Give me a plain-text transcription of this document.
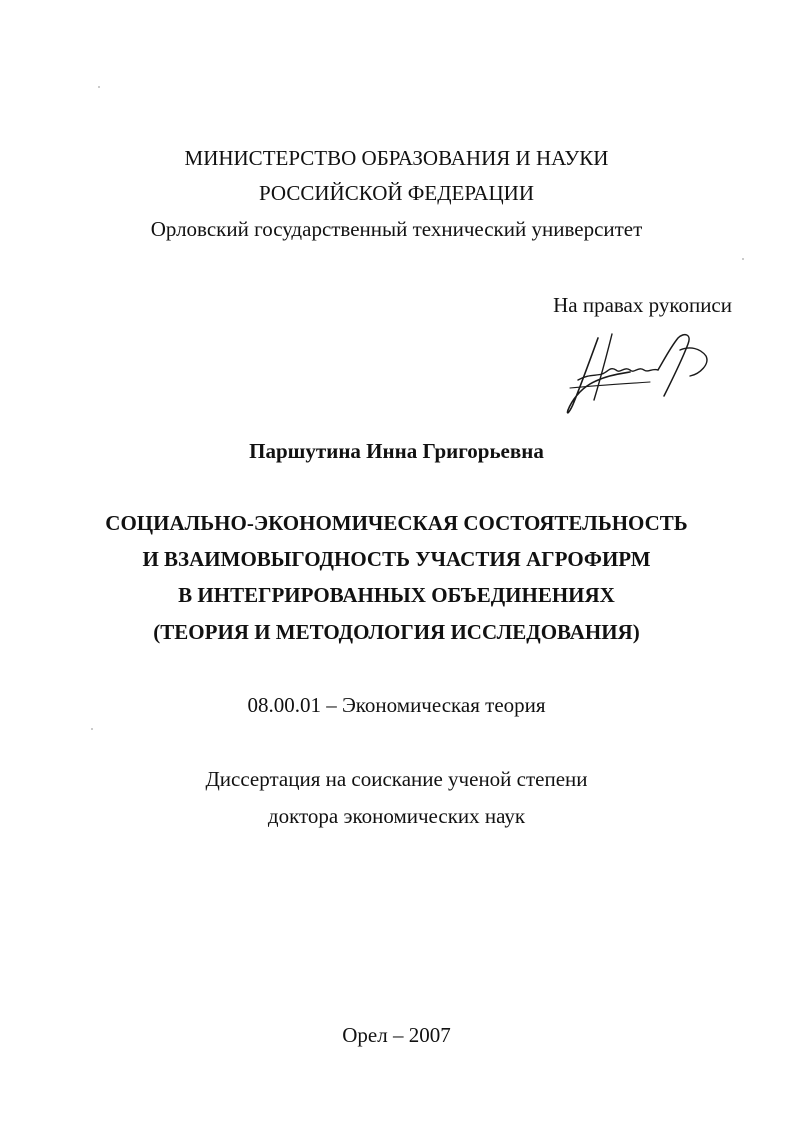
МИНИСТЕРСТВО ОБРАЗОВАНИЯ И НАУКИ
РОССИЙСКОЙ ФЕДЕРАЦИИ
Орловский государственный технический университет
На правах рукописи
Паршутина Инна Григорьевна
СОЦИАЛЬНО-ЭКОНОМИЧЕСКАЯ СОСТОЯТЕЛЬНОСТЬ
И ВЗАИМОВЫГОДНОСТЬ УЧАСТИЯ АГРОФИРМ
В ИНТЕГРИРОВАННЫХ ОБЪЕДИНЕНИЯХ
(ТЕОРИЯ И МЕТОДОЛОГИЯ ИССЛЕДОВАНИЯ)
08.00.01 – Экономическая теория
Диссертация на соискание ученой степени
доктора экономических наук
Орел – 2007
